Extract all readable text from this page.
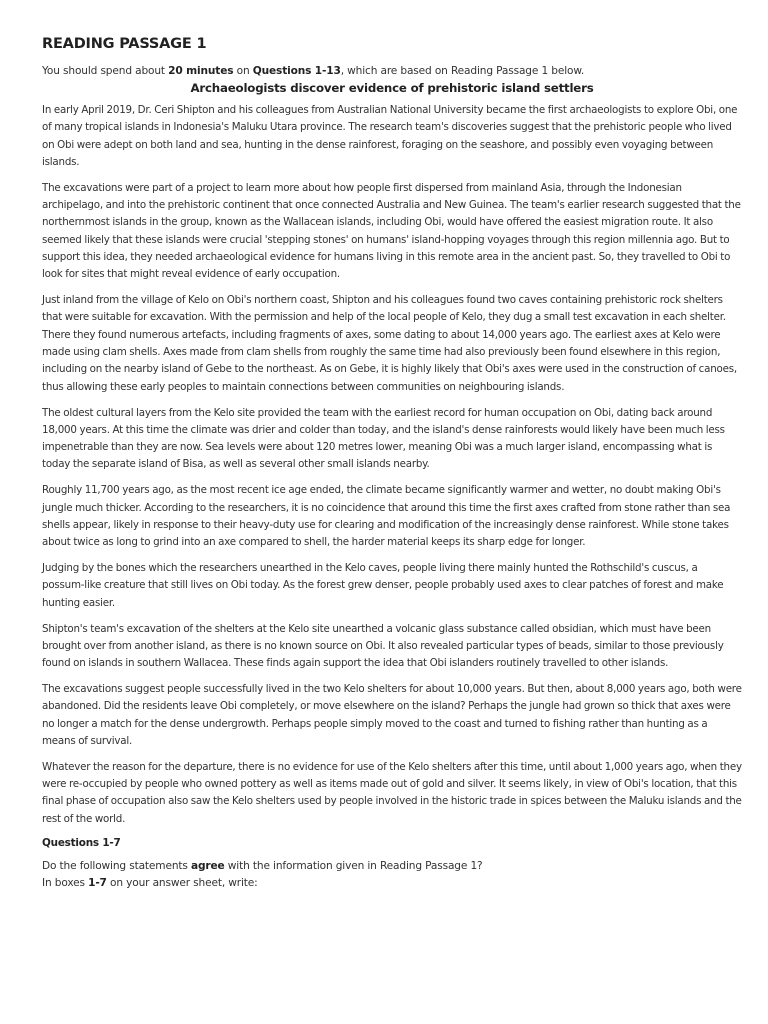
READING PASSAGE 1
You should spend about 20 minutes on Questions 1-13, which are based on Reading Passage 1 below.
Archaeologists discover evidence of prehistoric island settlers

In early April 2019, Dr. Ceri Shipton and his colleagues from Australian National University became the first archaeologists to explore Obi, one of many tropical islands in Indonesia's Maluku Utara province. The research team's discoveries suggest that the prehistoric people who lived on Obi were adept on both land and sea, hunting in the dense rainforest, foraging on the seashore, and possibly even voyaging between islands.

The excavations were part of a project to learn more about how people first dispersed from mainland Asia, through the Indonesian archipelago, and into the prehistoric continent that once connected Australia and New Guinea. The team's earlier research suggested that the northernmost islands in the group, known as the Wallacean islands, including Obi, would have offered the easiest migration route. It also seemed likely that these islands were crucial 'stepping stones' on humans' island-hopping voyages through this region millennia ago. But to support this idea, they needed archaeological evidence for humans living in this remote area in the ancient past. So, they travelled to Obi to look for sites that might reveal evidence of early occupation.

Just inland from the village of Kelo on Obi's northern coast, Shipton and his colleagues found two caves containing prehistoric rock shelters that were suitable for excavation. With the permission and help of the local people of Kelo, they dug a small test excavation in each shelter. There they found numerous artefacts, including fragments of axes, some dating to about 14,000 years ago. The earliest axes at Kelo were made using clam shells. Axes made from clam shells from roughly the same time had also previously been found elsewhere in this region, including on the nearby island of Gebe to the northeast. As on Gebe, it is highly likely that Obi's axes were used in the construction of canoes, thus allowing these early peoples to maintain connections between communities on neighbouring islands.

The oldest cultural layers from the Kelo site provided the team with the earliest record for human occupation on Obi, dating back around 18,000 years. At this time the climate was drier and colder than today, and the island's dense rainforests would likely have been much less impenetrable than they are now. Sea levels were about 120 metres lower, meaning Obi was a much larger island, encompassing what is today the separate island of Bisa, as well as several other small islands nearby.

Roughly 11,700 years ago, as the most recent ice age ended, the climate became significantly warmer and wetter, no doubt making Obi's jungle much thicker. According to the researchers, it is no coincidence that around this time the first axes crafted from stone rather than sea shells appear, likely in response to their heavy-duty use for clearing and modification of the increasingly dense rainforest. While stone takes about twice as long to grind into an axe compared to shell, the harder material keeps its sharp edge for longer.

Judging by the bones which the researchers unearthed in the Kelo caves, people living there mainly hunted the Rothschild's cuscus, a possum-like creature that still lives on Obi today. As the forest grew denser, people probably used axes to clear patches of forest and make hunting easier.

Shipton's team's excavation of the shelters at the Kelo site unearthed a volcanic glass substance called obsidian, which must have been brought over from another island, as there is no known source on Obi. It also revealed particular types of beads, similar to those previously found on islands in southern Wallacea. These finds again support the idea that Obi islanders routinely travelled to other islands.

The excavations suggest people successfully lived in the two Kelo shelters for about 10,000 years. But then, about 8,000 years ago, both were abandoned. Did the residents leave Obi completely, or move elsewhere on the island? Perhaps the jungle had grown so thick that axes were no longer a match for the dense undergrowth. Perhaps people simply moved to the coast and turned to fishing rather than hunting as a means of survival.

Whatever the reason for the departure, there is no evidence for use of the Kelo shelters after this time, until about 1,000 years ago, when they were re-occupied by people who owned pottery as well as items made out of gold and silver. It seems likely, in view of Obi's location, that this final phase of occupation also saw the Kelo shelters used by people involved in the historic trade in spices between the Maluku islands and the rest of the world.

Questions 1-7
Do the following statements agree with the information given in Reading Passage 1?
In boxes 1-7 on your answer sheet, write:
